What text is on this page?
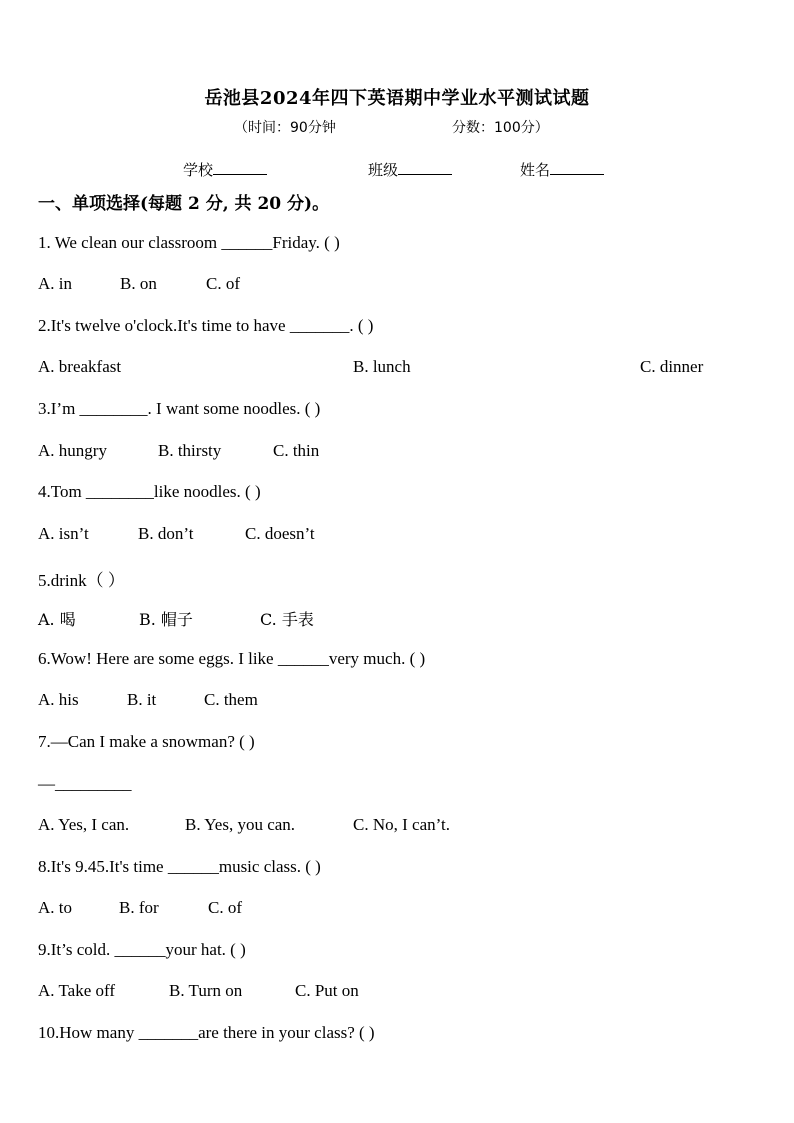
岳池县2024年四下英语期中学业水平测试试题
（时间：90分钟	分数：100分）
学校	班级	姓名
一、单项选择(每题 2 分, 共 20 分)。
1. We clean our classroom ______Friday. ( )
A. in	B. on	C. of
2.It's twelve o'clock.It's time to have _______. ( )
A. breakfast	B. lunch	C. dinner
3.I’m ________. I want some noodles. ( )
A. hungry	B. thirsty	C. thin
4.Tom ________like noodles. ( )
A. isn’t	B. don’t	C. doesn’t
5.drink（ ）
A. 喝	B. 帽子	C. 手表
6.Wow! Here are some eggs. I like ______very much. ( )
A. his	B. it	C. them
7.—Can I make a snowman? ( )
—_________
A. Yes, I can.	B. Yes, you can.	C. No, I can’t.
8.It's 9.45.It's time ______music class. ( )
A. to	B. for	C. of
9.It’s cold. ______your hat. ( )
A. Take off	B. Turn on	C. Put on
10.How many _______are there in your class? ( )
